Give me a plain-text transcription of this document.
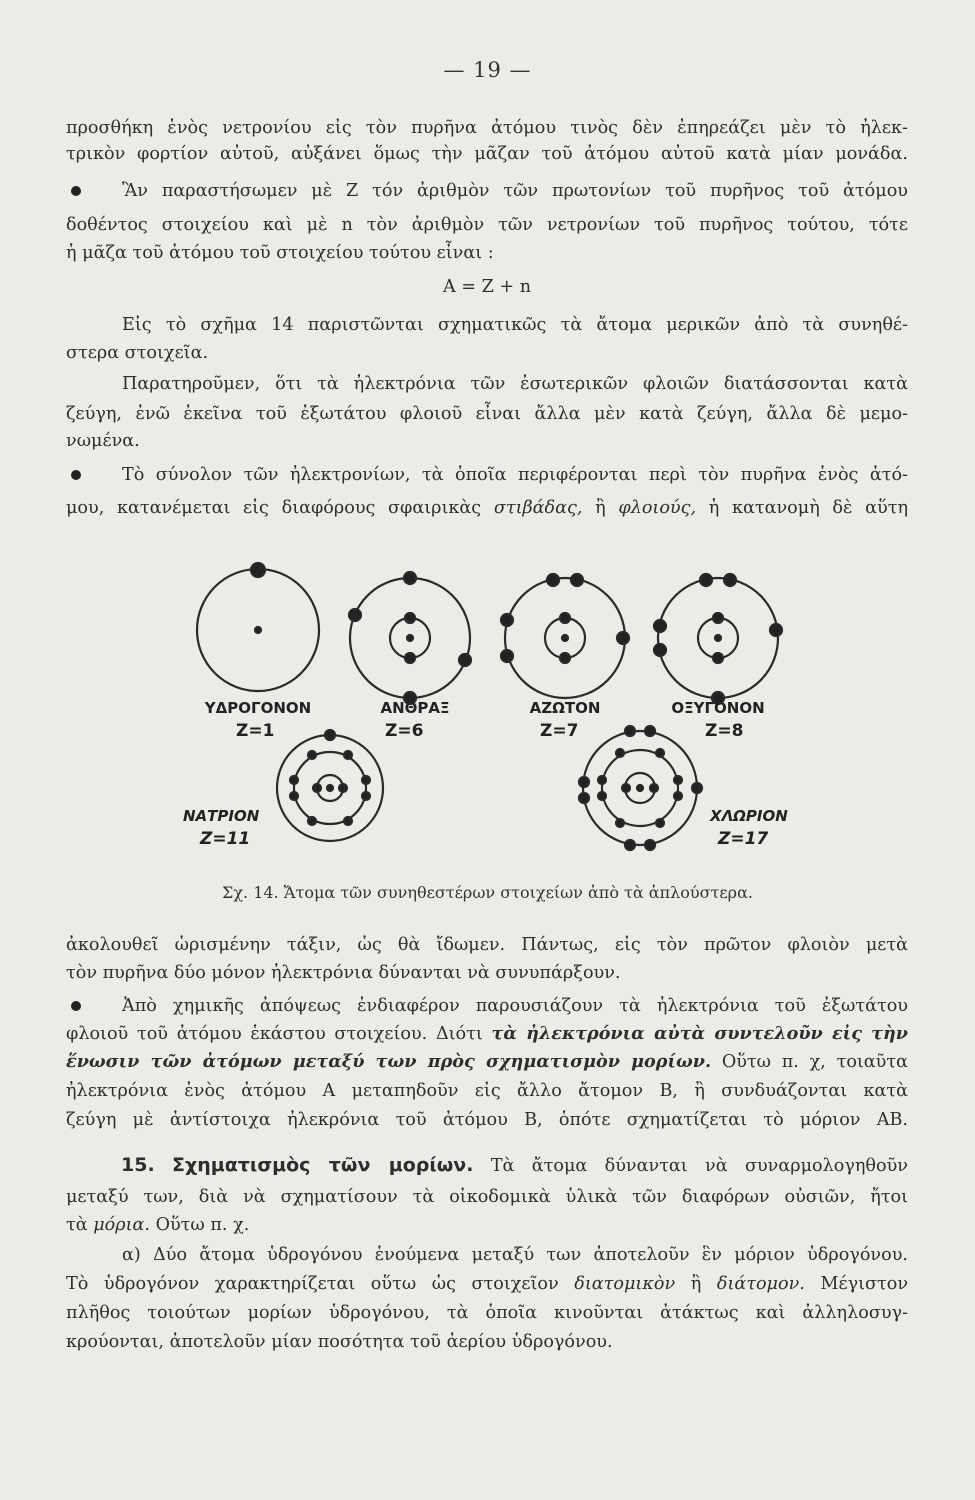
— 19 —
προσθήκη ἑνὸς νετρονίου εἰς τὸν πυρῆνα ἀτόμου τινὸς δὲν ἐπηρεάζει μὲν τὸ ἠλεκ-
τρικὸν φορτίον αὐτοῦ, αὐξάνει ὅμως τὴν μᾶζαν τοῦ ἀτόμου αὐτοῦ κατὰ μίαν μονάδα.
Ἂν παραστήσωμεν μὲ Z τόν ἀριθμὸν τῶν πρωτονίων τοῦ πυρῆνος τοῦ ἀτόμου
δοθέντος στοιχείου καὶ μὲ n τὸν ἀριθμὸν τῶν νετρονίων τοῦ πυρῆνος τούτου, τότε
ἡ μᾶζα τοῦ ἀτόμου τοῦ στοιχείου τούτου εἶναι :
A = Z + n
Εἰς τὸ σχῆμα 14 παριστῶνται σχηματικῶς τὰ ἄτομα μερικῶν ἀπὸ τὰ συνηθέ-
στερα στοιχεῖα.
Παρατηροῦμεν, ὅτι τὰ ἠλεκτρόνια τῶν ἐσωτερικῶν φλοιῶν διατάσσονται κατὰ
ζεύγη, ἐνῶ ἐκεῖνα τοῦ ἐξωτάτου φλοιοῦ εἶναι ἄλλα μὲν κατὰ ζεύγη, ἄλλα δὲ μεμο-
νωμένα.
Τὸ σύνολον τῶν ἠλεκτρονίων, τὰ ὁποῖα περιφέρονται περὶ τὸν πυρῆνα ἑνὸς ἀτό-
μου, κατανέμεται εἰς διαφόρους σφαιρικὰς στιβάδας, ἢ φλοιούς, ἡ κατανομὴ δὲ αὕτη
ΥΔΡΟΓΟΝΟΝ
Z=1
ΑΝΘΡΑΞ
Z=6
ΑΖΩΤΟΝ
Z=7
ΟΞΥΓΟΝΟΝ
Z=8
ΝΑΤΡΙΟΝ
Z=11
ΧΛΩΡΙΟΝ
Z=17
Σχ. 14. Ἄτομα τῶν συνηθεστέρων στοιχείων ἀπὸ τὰ ἁπλούστερα.
ἀκολουθεῖ ὡρισμένην τάξιν, ὡς θὰ ἴδωμεν. Πάντως, εἰς τὸν πρῶτον φλοιὸν μετὰ
τὸν πυρῆνα δύο μόνον ἠλεκτρόνια δύνανται νὰ συνυπάρξουν.
Ἀπὸ χημικῆς ἀπόψεως ἐνδιαφέρον παρουσιάζουν τὰ ἠλεκτρόνια τοῦ ἐξωτάτου
φλοιοῦ τοῦ ἀτόμου ἑκάστου στοιχείου. Διότι τὰ ἠλεκτρόνια αὐτὰ συντελοῦν εἰς τὴν
ἕνωσιν τῶν ἀτόμων μεταξύ των πρὸς σχηματισμὸν μορίων. Οὕτω π. χ, τοιαῦτα
ἠλεκτρόνια ἑνὸς ἀτόμου A μεταπηδοῦν εἰς ἄλλο ἄτομον B, ἢ συνδυάζονται κατὰ
ζεύγη μὲ ἀντίστοιχα ἠλεκρόνια τοῦ ἀτόμου B, ὁπότε σχηματίζεται τὸ μόριον AB.
15. Σχηματισμὸς τῶν μορίων. Τὰ ἄτομα δύνανται νὰ συναρμολογηθοῦν
μεταξύ των, διὰ νὰ σχηματίσουν τὰ οἰκοδομικὰ ὑλικὰ τῶν διαφόρων οὐσιῶν, ἤτοι
τὰ μόρια. Οὕτω π. χ.
α) Δύο ἄτομα ὑδρογόνου ἑνούμενα μεταξύ των ἀποτελοῦν ἓν μόριον ὑδρογόνου.
Τὸ ὑδρογόνον χαρακτηρίζεται οὕτω ὡς στοιχεῖον διατομικὸν ἢ διάτομον. Μέγιστον
πλῆθος τοιούτων μορίων ὑδρογόνου, τὰ ὁποῖα κινοῦνται ἀτάκτως καὶ ἀλληλοσυγ-
κρούονται, ἀποτελοῦν μίαν ποσότητα τοῦ ἀερίου ὑδρογόνου.
